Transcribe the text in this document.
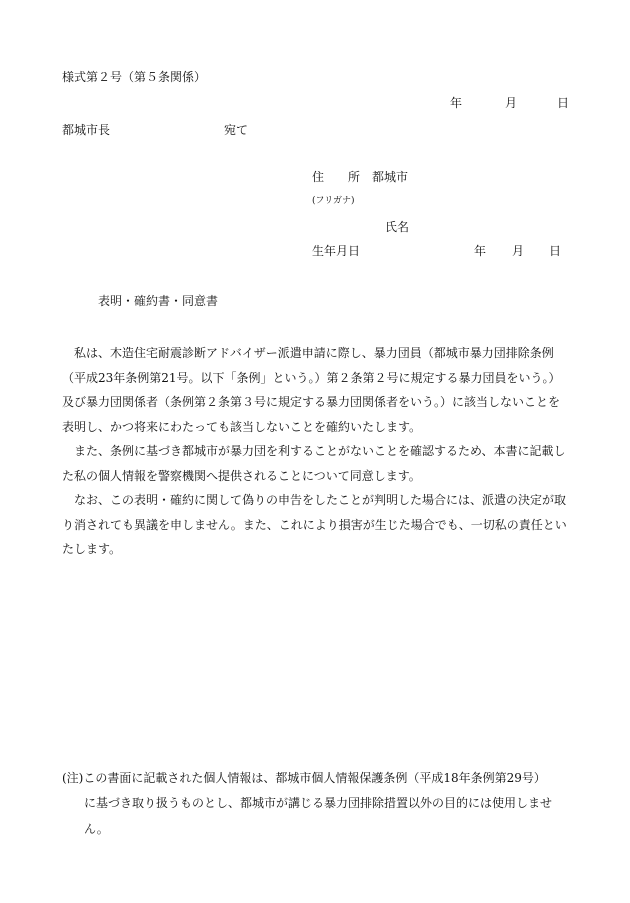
様式第２号（第５条関係）
年	月	日
都城市長	宛て
住　　所 都城市
(フリガナ)
氏名
生年月日	年 月 日
表明・確約書・同意書

私は、木造住宅耐震診断アドバイザー派遣申請に際し、暴力団員（都城市暴力団排除条例（平成23年条例第21号。以下「条例」という。）第２条第２号に規定する暴力団員をいう。）及び暴力団関係者（条例第２条第３号に規定する暴力団関係者をいう。）に該当しないことを表明し、かつ将来にわたっても該当しないことを確約いたします。

また、条例に基づき都城市が暴力団を利することがないことを確認するため、本書に記載した私の個人情報を警察機関へ提供されることについて同意します。

なお、この表明・確約に関して偽りの申告をしたことが判明した場合には、派遣の決定が取り消されても異議を申しません。また、これにより損害が生じた場合でも、一切私の責任といたします。

(注)この書面に記載された個人情報は、都城市個人情報保護条例（平成18年条例第29号）
に基づき取り扱うものとし、都城市が講じる暴力団排除措置以外の目的には使用しません。
